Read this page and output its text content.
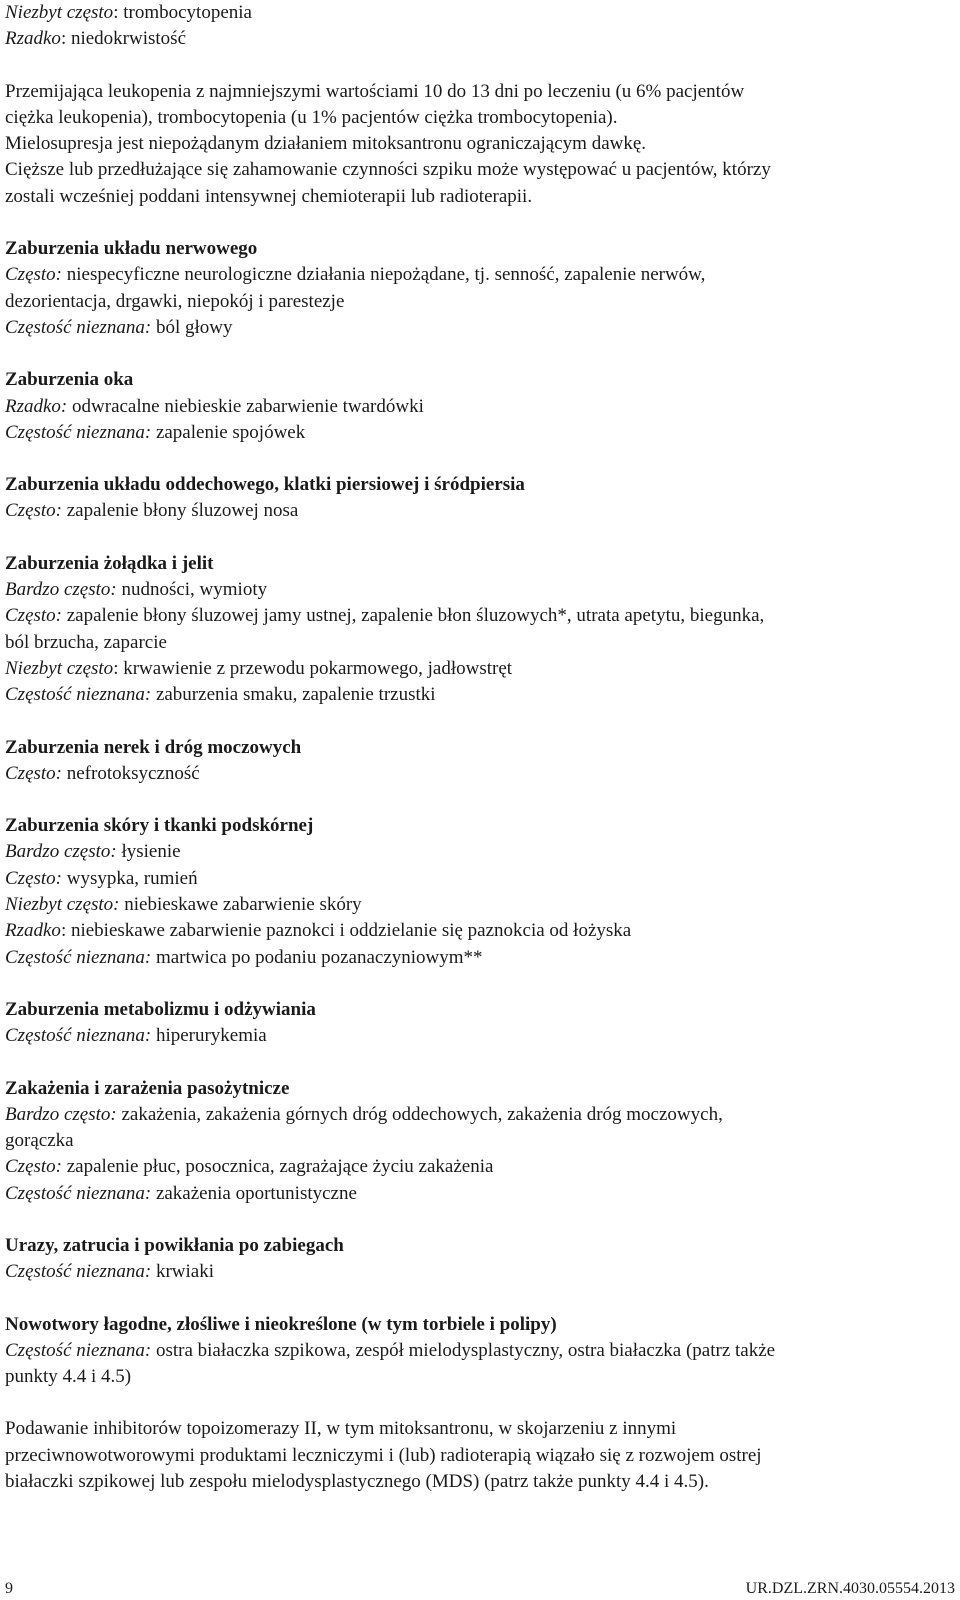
Niezbyt często: trombocytopenia
Rzadko: niedokrwistość
Przemijająca leukopenia z najmniejszymi wartościami 10 do 13 dni po leczeniu (u 6% pacjentów
ciężka leukopenia), trombocytopenia (u 1% pacjentów ciężka trombocytopenia).
Mielosupresja jest niepożądanym działaniem mitoksantronu ograniczającym dawkę.
Cięższe lub przedłużające się zahamowanie czynności szpiku może występować u pacjentów, którzy
zostali wcześniej poddani intensywnej chemioterapii lub radioterapii.
Zaburzenia układu nerwowego
Często: niespecyficzne neurologiczne działania niepożądane, tj. senność, zapalenie nerwów,
dezorientacja, drgawki, niepokój i parestezje
Częstość nieznana: ból głowy
Zaburzenia oka
Rzadko: odwracalne niebieskie zabarwienie twardówki
Częstość nieznana: zapalenie spojówek
Zaburzenia układu oddechowego, klatki piersiowej i śródpiersia
Często: zapalenie błony śluzowej nosa
Zaburzenia żołądka i jelit
Bardzo często: nudności, wymioty
Często: zapalenie błony śluzowej jamy ustnej, zapalenie błon śluzowych*, utrata apetytu, biegunka,
ból brzucha, zaparcie
Niezbyt często: krwawienie z przewodu pokarmowego, jadłowstręt
Częstość nieznana: zaburzenia smaku, zapalenie trzustki
Zaburzenia nerek i dróg moczowych
Często: nefrotoksyczność
Zaburzenia skóry i tkanki podskórnej
Bardzo często: łysienie
Często: wysypka, rumień
Niezbyt często: niebieskawe zabarwienie skóry
Rzadko: niebieskawe zabarwienie paznokci i oddzielanie się paznokcia od łożyska
Częstość nieznana: martwica po podaniu pozanaczyniowym**
Zaburzenia metabolizmu i odżywiania
Częstość nieznana: hiperurykemia
Zakażenia i zarażenia pasożytnicze
Bardzo często: zakażenia, zakażenia górnych dróg oddechowych, zakażenia dróg moczowych,
gorączka
Często: zapalenie płuc, posocznica, zagrażające życiu zakażenia
Częstość nieznana: zakażenia oportunistyczne
Urazy, zatrucia i powikłania po zabiegach
Częstość nieznana: krwiaki
Nowotwory łagodne, złośliwe i nieokreślone (w tym torbiele i polipy)
Częstość nieznana: ostra białaczka szpikowa, zespół mielodysplastyczny, ostra białaczka (patrz także
punkty 4.4 i 4.5)
Podawanie inhibitorów topoizomerazy II, w tym mitoksantronu, w skojarzeniu z innymi
przeciwnowotworowymi produktami leczniczymi i (lub) radioterapią wiązało się z rozwojem ostrej
białaczki szpikowej lub zespołu mielodysplastycznego (MDS) (patrz także punkty 4.4 i 4.5).
9	UR.DZL.ZRN.4030.05554.2013
